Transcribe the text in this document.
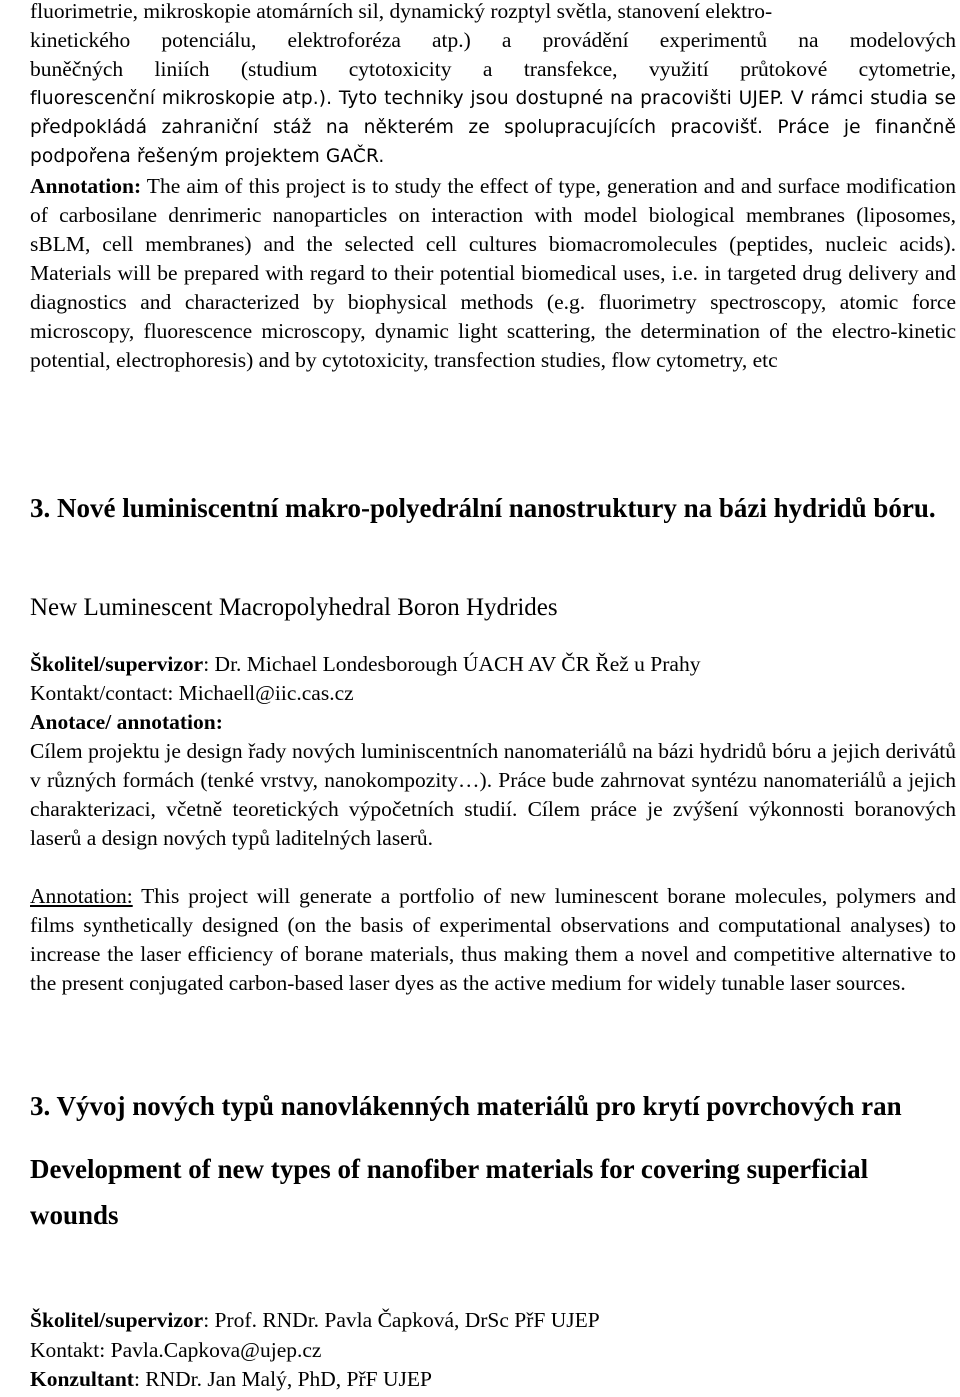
fluorimetrie, mikroskopie atomárních sil, dynamický rozptyl světla, stanovení elektro-

kinetického potenciálu, elektroforéza atp.) a provádění experimentů na modelových

buněčných liniích (studium cytotoxicity a transfekce, využití průtokové cytometrie,

fluorescenční mikroskopie atp.). Tyto techniky jsou dostupné na pracovišti UJEP. V rámci studia se předpokládá zahraniční stáž na některém ze spolupracujících pracovišť. Práce je finančně podpořena řešeným projektem GAČR.

Annotation: The aim of this project is to study the effect of type, generation and and surface modification of carbosilane denrimeric nanoparticles on interaction with model biological membranes (liposomes, sBLM, cell membranes) and the selected cell cultures biomacromolecules (peptides, nucleic acids). Materials will be prepared with regard to their potential biomedical uses, i.e. in targeted drug delivery and diagnostics and characterized by biophysical methods (e.g. fluorimetry spectroscopy, atomic force microscopy, fluorescence microscopy, dynamic light scattering, the determination of the electro-kinetic potential, electrophoresis) and by cytotoxicity, transfection studies, flow cytometry, etc

3. Nové luminiscentní makro-polyedrální nanostruktury na bázi hydridů bóru.

New Luminescent Macropolyhedral Boron Hydrides

Školitel/supervizor: Dr. Michael Londesborough ÚACH AV ČR Řež u Prahy

Kontakt/contact: Michaell@iic.cas.cz

Anotace/ annotation:

Cílem projektu je design řady nových luminiscentních nanomateriálů na bázi hydridů bóru a jejich derivátů v různých formách (tenké vrstvy, nanokompozity…). Práce bude zahrnovat syntézu nanomateriálů a jejich charakterizaci, včetně teoretických výpočetních studií. Cílem práce je zvýšení výkonnosti boranových laserů a design nových typů laditelných laserů.

Annotation: This project will generate a portfolio of new luminescent borane molecules, polymers and films synthetically designed (on the basis of experimental observations and computational analyses) to increase the laser efficiency of borane materials, thus making them a novel and competitive alternative to the present conjugated carbon-based laser dyes as the active medium for widely tunable laser sources.

3. Vývoj nových typů nanovlákenných materiálů pro krytí povrchových ran

Development of new types of nanofiber materials for covering superficial wounds

Školitel/supervizor: Prof. RNDr. Pavla Čapková, DrSc PřF UJEP

Kontakt: Pavla.Capkova@ujep.cz

Konzultant: RNDr. Jan Malý, PhD, PřF UJEP
